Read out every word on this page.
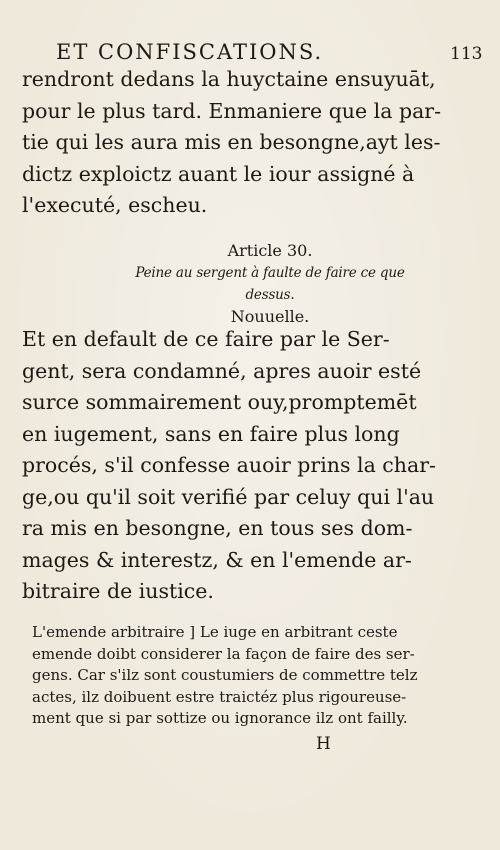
ET CONFISCATIONS.	113
rendront dedans la huyctaine ensuyuāt,
pour le plus tard. Enmaniere que la par-
tie qui les aura mis en besongne,ayt les-
dictz exploictz auant le iour assigné à
l'executé, escheu.
Article 30.
Peine au sergent à faulte de faire ce que dessus.
Nouuelle.
Et en default de ce faire par le Ser-
gent, sera condamné, apres auoir esté
surce sommairement ouy,promptemēt
en iugement, sans en faire plus long
procés, s'il confesse auoir prins la char-
ge,ou qu'il soit verifié par celuy qui l'au
ra mis en besongne, en tous ses dom-
mages & interestz, & en l'emende ar-
bitraire de iustice.
L'emende arbitraire ] Le iuge en arbitrant ceste
emende doibt considerer la façon de faire des ser-
gens. Car s'ilz sont coustumiers de commettre telz
actes, ilz doibuent estre traictéz plus rigoureuse-
ment que si par sottize ou ignorance ilz ont failly.
H
